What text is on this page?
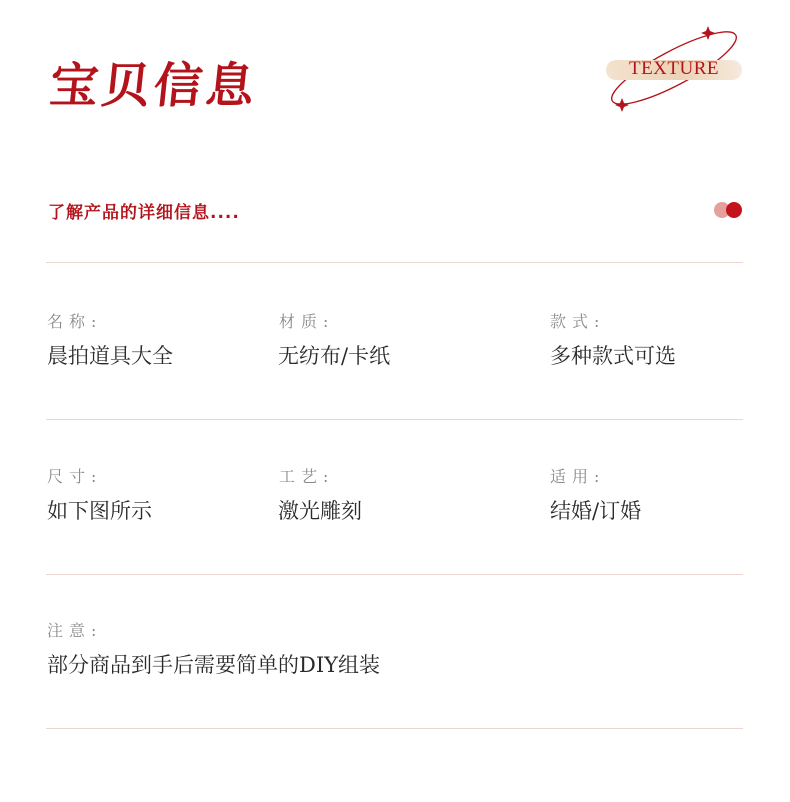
宝贝信息	TEXTURE
了解产品的详细信息....
名称:
晨拍道具大全
材质:
无纺布/卡纸
款式:
多种款式可选
尺寸:
如下图所示
工艺:
激光雕刻
适用:
结婚/订婚
注意:
部分商品到手后需要简单的DIY组装
